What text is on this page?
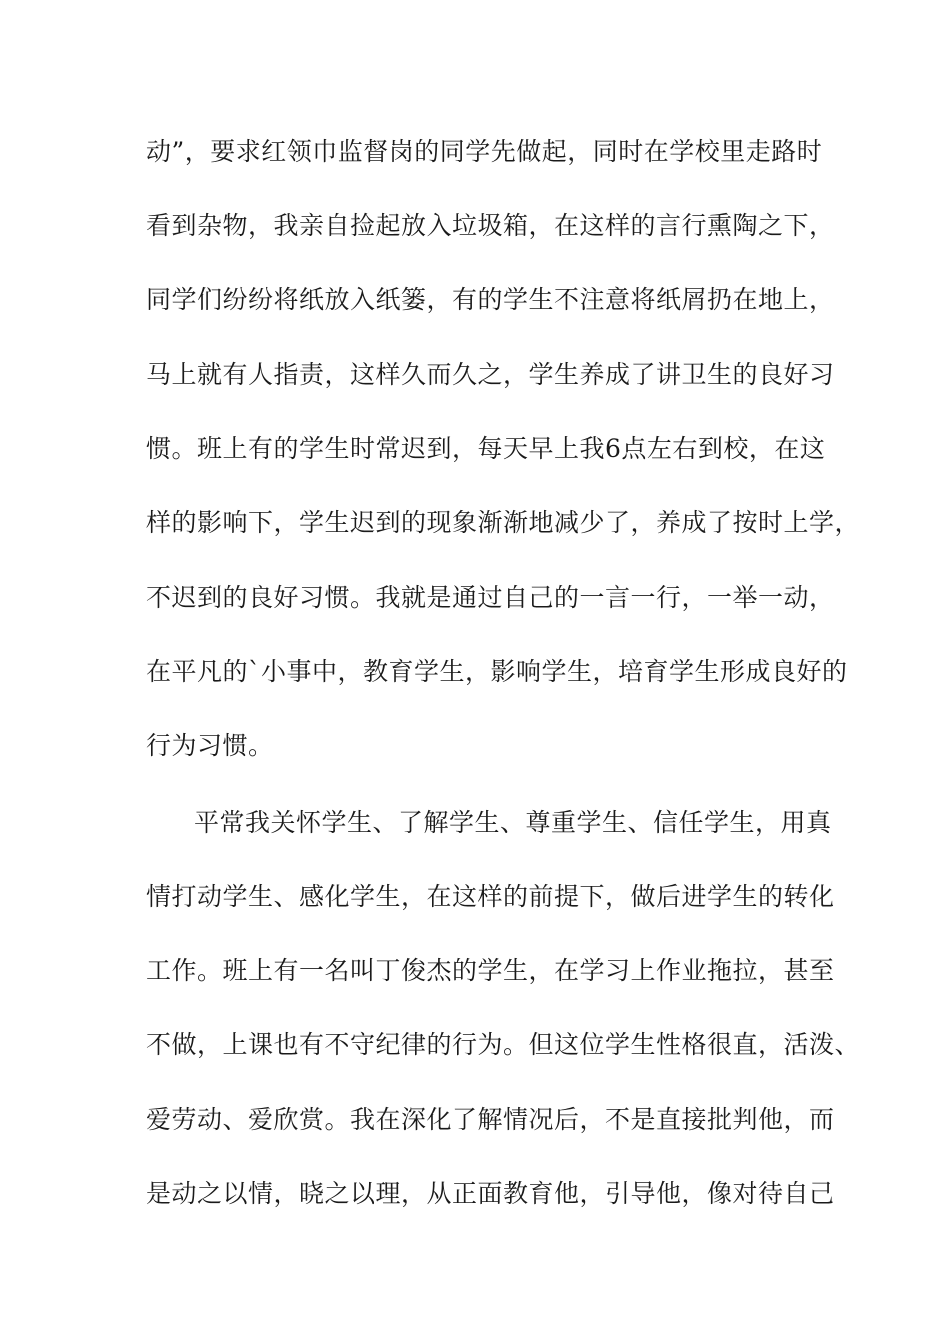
动”，要求红领巾监督岗的同学先做起，同时在学校里走路时
看到杂物，我亲自捡起放入垃圾箱，在这样的言行熏陶之下，
同学们纷纷将纸放入纸篓，有的学生不注意将纸屑扔在地上，
马上就有人指责，这样久而久之，学生养成了讲卫生的良好习
惯。班上有的学生时常迟到，每天早上我6点左右到校，在这
样的影响下，学生迟到的现象渐渐地减少了，养成了按时上学，
不迟到的良好习惯。我就是通过自己的一言一行，一举一动，
在平凡的`小事中，教育学生，影响学生，培育学生形成良好的
行为习惯。
平常我关怀学生、了解学生、尊重学生、信任学生，用真
情打动学生、感化学生，在这样的前提下，做后进学生的转化
工作。班上有一名叫丁俊杰的学生，在学习上作业拖拉，甚至
不做，上课也有不守纪律的行为。但这位学生性格很直，活泼、
爱劳动、爱欣赏。我在深化了解情况后，不是直接批判他，而
是动之以情，晓之以理，从正面教育他，引导他，像对待自己
